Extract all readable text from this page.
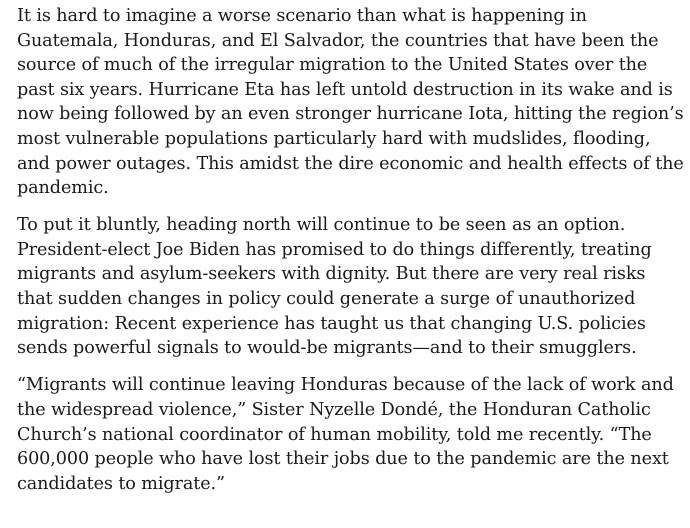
It is hard to imagine a worse scenario than what is happening in Guatemala, Honduras, and El Salvador, the countries that have been the source of much of the irregular migration to the United States over the past six years. Hurricane Eta has left untold destruction in its wake and is now being followed by an even stronger hurricane Iota, hitting the region’s most vulnerable populations particularly hard with mudslides, flooding, and power outages. This amidst the dire economic and health effects of the pandemic.

To put it bluntly, heading north will continue to be seen as an option. President-elect Joe Biden has promised to do things differently, treating migrants and asylum-seekers with dignity. But there are very real risks that sudden changes in policy could generate a surge of unauthorized migration: Recent experience has taught us that changing U.S. policies sends powerful signals to would-be migrants—and to their smugglers.

“Migrants will continue leaving Honduras because of the lack of work and the widespread violence,” Sister Nyzelle Dondé, the Honduran Catholic Church’s national coordinator of human mobility, told me recently. “The 600,000 people who have lost their jobs due to the pandemic are the next candidates to migrate.”
